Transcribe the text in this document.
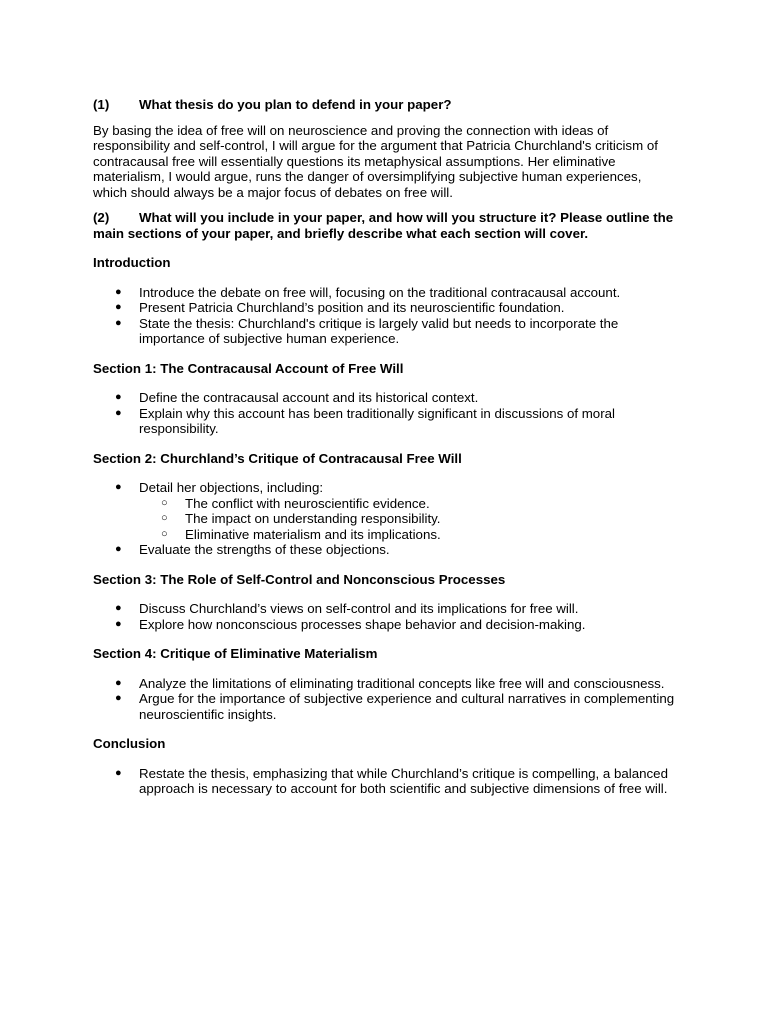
(1)	What thesis do you plan to defend in your paper?

By basing the idea of free will on neuroscience and proving the connection with ideas of responsibility and self-control, I will argue for the argument that Patricia Churchland's criticism of contracausal free will essentially questions its metaphysical assumptions. Her eliminative materialism, I would argue, runs the danger of oversimplifying subjective human experiences, which should always be a major focus of debates on free will.

(2) What will you include in your paper, and how will you structure it? Please outline the main sections of your paper, and briefly describe what each section will cover.
Introduction
● Introduce the debate on free will, focusing on the traditional contracausal account.
● Present Patricia Churchland’s position and its neuroscientific foundation.
● State the thesis: Churchland's critique is largely valid but needs to incorporate the importance of subjective human experience.
Section 1: The Contracausal Account of Free Will
● Define the contracausal account and its historical context.
● Explain why this account has been traditionally significant in discussions of moral responsibility.
Section 2: Churchland’s Critique of Contracausal Free Will
● Detail her objections, including:
○ The conflict with neuroscientific evidence.
○ The impact on understanding responsibility.
○ Eliminative materialism and its implications.
● Evaluate the strengths of these objections.
Section 3: The Role of Self-Control and Nonconscious Processes
● Discuss Churchland’s views on self-control and its implications for free will.
● Explore how nonconscious processes shape behavior and decision-making.
Section 4: Critique of Eliminative Materialism
● Analyze the limitations of eliminating traditional concepts like free will and consciousness.
● Argue for the importance of subjective experience and cultural narratives in complementing neuroscientific insights.
Conclusion
● Restate the thesis, emphasizing that while Churchland’s critique is compelling, a balanced approach is necessary to account for both scientific and subjective dimensions of free will.
